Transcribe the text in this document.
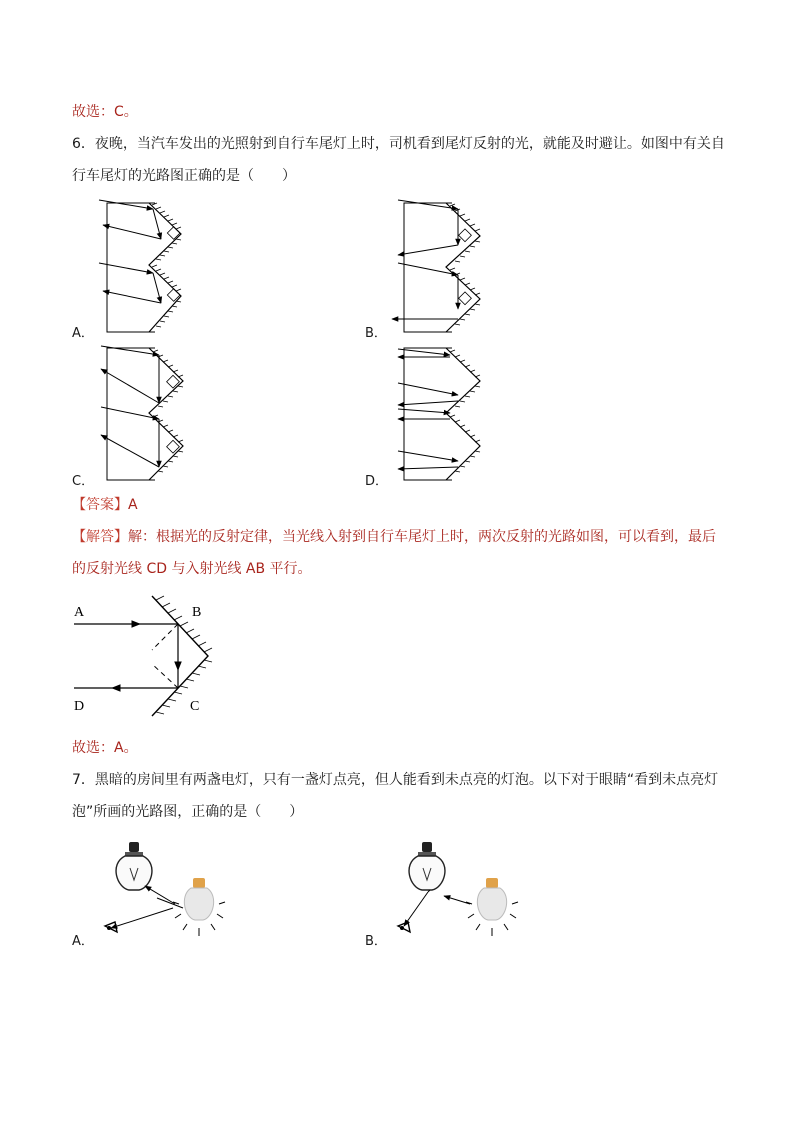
故选：C。
6．夜晚，当汽车发出的光照射到自行车尾灯上时，司机看到尾灯反射的光，就能及时避让。如图中有关自
行车尾灯的光路图正确的是（　　）
A．	B．
C．	D．
【答案】A
【解答】解：根据光的反射定律，当光线入射到自行车尾灯上时，两次反射的光路如图，可以看到，最后
的反射光线 CD 与入射光线 AB 平行。
A	B
C
D
故选：A。
7．黑暗的房间里有两盏电灯，只有一盏灯点亮，但人能看到未点亮的灯泡。以下对于眼睛“看到未点亮灯
泡”所画的光路图，正确的是（　　）
A．	B．
